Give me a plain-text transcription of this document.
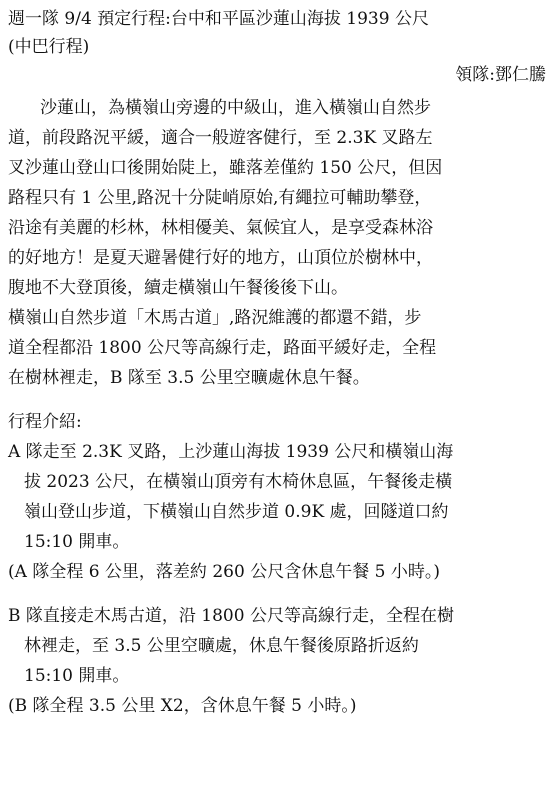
週一隊 9/4 預定行程:台中和平區沙蓮山海拔 1939 公尺
(中巴行程)
領隊:鄧仁騰
沙蓮山，為橫嶺山旁邊的中級山，進入橫嶺山自然步
道，前段路況平緩，適合一般遊客健行，至 2.3K 叉路左
叉沙蓮山登山口後開始陡上，雖落差僅約 150 公尺，但因
路程只有 1 公里,路況十分陡峭原始,有繩拉可輔助攀登，
沿途有美麗的杉林，林相優美、氣候宜人，是享受森林浴
的好地方！是夏天避暑健行好的地方，山頂位於樹林中，
腹地不大登頂後，續走橫嶺山午餐後後下山。
橫嶺山自然步道「木馬古道」,路況維護的都還不錯，步
道全程都沿 1800 公尺等高線行走，路面平緩好走，全程
在樹林裡走，B 隊至 3.5 公里空曠處休息午餐。
行程介紹:
A 隊走至 2.3K 叉路，上沙蓮山海拔 1939 公尺和橫嶺山海
拔 2023 公尺，在橫嶺山頂旁有木椅休息區，午餐後走橫
嶺山登山步道，下橫嶺山自然步道 0.9K 處，回隧道口約
15:10 開車。
(A 隊全程 6 公里，落差約 260 公尺含休息午餐 5 小時。)
B 隊直接走木馬古道，沿 1800 公尺等高線行走，全程在樹
林裡走，至 3.5 公里空曠處，休息午餐後原路折返約
15:10 開車。
(B 隊全程 3.5 公里 X2，含休息午餐 5 小時。)
